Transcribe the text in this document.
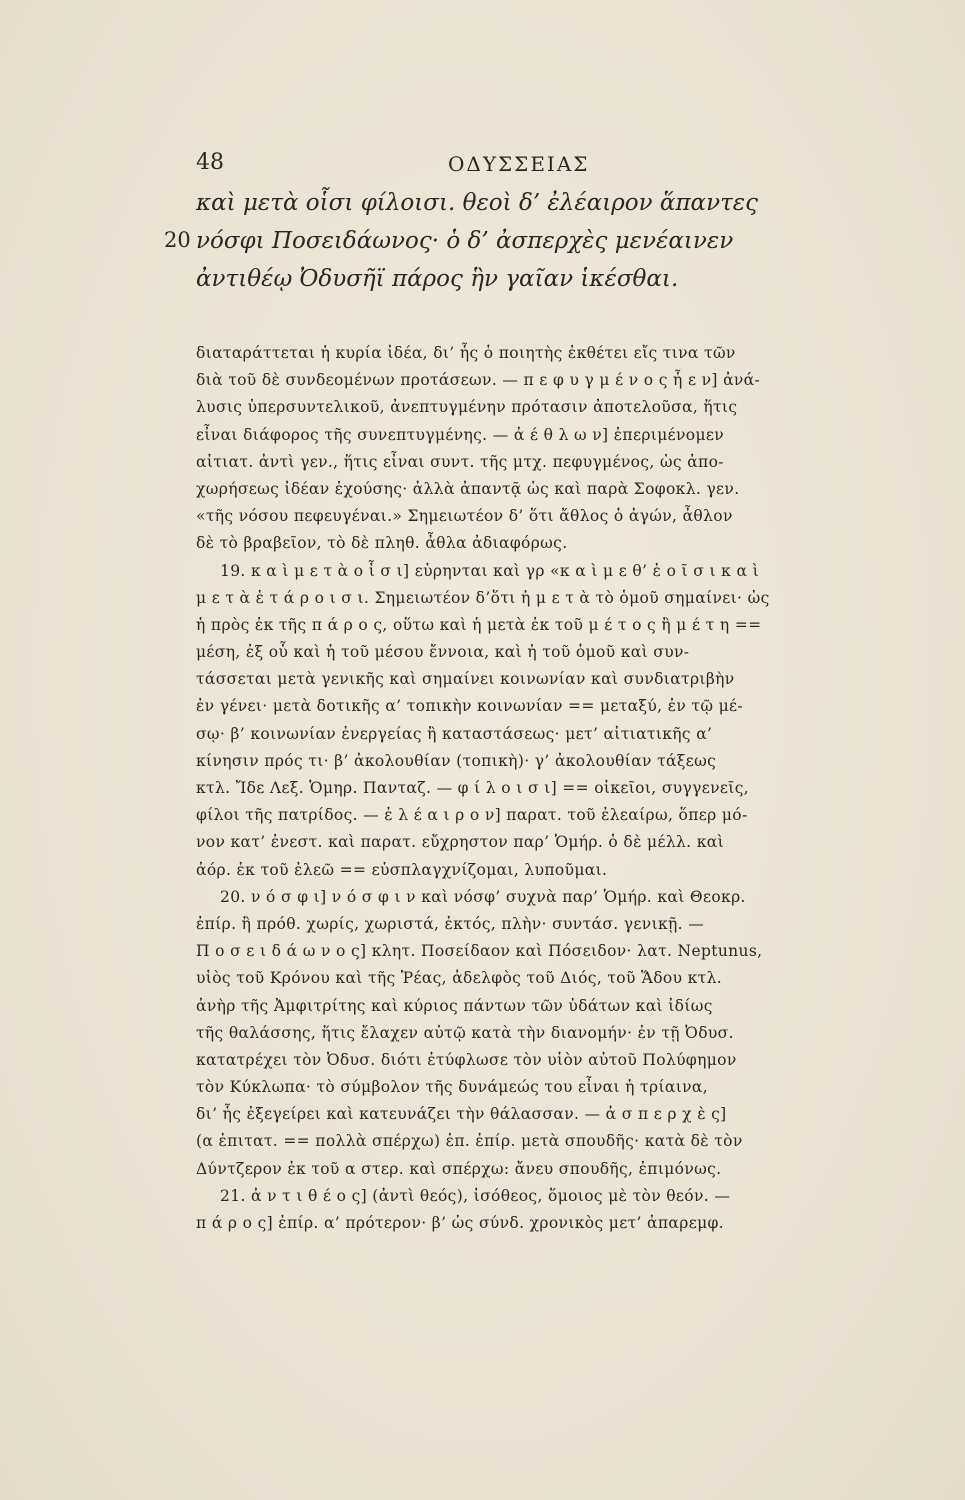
48	ΟΔΥΣΣΕΙΑΣ
καὶ μετὰ οἷσι φίλοισι. θεοὶ δ’ ἐλέαιρον ἅπαντες
20 νόσφι Ποσειδάωνος· ὁ δ’ ἀσπερχὲς μενέαινεν
ἀντιθέῳ Ὀδυσῆϊ πάρος ἣν γαῖαν ἱκέσθαι.
διαταράττεται ἡ κυρία ἰδέα, δι’ ἧς ὁ ποιητὴς ἐκθέτει εἴς τινα τῶν
διὰ τοῦ δὲ συνδεομένων προτάσεων. — π ε φ υ γ μ έ ν ο ς ἦ ε ν] ἀνά-
λυσις ὑπερσυντελικοῦ, ἀνεπτυγμένην πρότασιν ἀποτελοῦσα, ἥτις
εἶναι διάφορος τῆς συνεπτυγμένης. — ἀ έ θ λ ω ν] ἐπεριμένομεν
αἰτιατ. ἀντὶ γεν., ἥτις εἶναι συντ. τῆς μτχ. πεφυγμένος, ὡς ἀπο-
χωρήσεως ἰδέαν ἐχούσης· ἀλλὰ ἀπαντᾷ ὡς καὶ παρὰ Σοφοκλ. γεν.
«τῆς νόσου πεφευγέναι.» Σημειωτέον δ’ ὅτι ἄθλος ὁ ἀγών, ἆθλον
δὲ τὸ βραβεῖον, τὸ δὲ πληθ. ἆθλα ἀδιαφόρως.
19. κ α ὶ μ ε τ ὰ ο ἷ σ ι] εὑρηνται καὶ γρ «κ α ὶ μ ε θ’ ἑ ο ῖ σ ι κ α ὶ
μ ε τ ὰ ἑ τ ά ρ ο ι σ ι. Σημειωτέον δ’ὅτι ἡ μ ε τ ὰ τὸ ὁμοῦ σημαίνει· ὡς
ἡ πρὸς ἐκ τῆς π ά ρ ο ς, οὕτω καὶ ἡ μετὰ ἐκ τοῦ μ έ τ ο ς ἢ μ έ τ η ==
μέση, ἐξ οὗ καὶ ἡ τοῦ μέσου ἔννοια, καὶ ἡ τοῦ ὁμοῦ καὶ συν-
τάσσεται μετὰ γενικῆς καὶ σημαίνει κοινωνίαν καὶ συνδιατριβὴν
ἐν γένει· μετὰ δοτικῆς α’ τοπικὴν κοινωνίαν == μεταξύ, ἐν τῷ μέ-
σῳ· β’ κοινωνίαν ἐνεργείας ἢ καταστάσεως· μετ’ αἰτιατικῆς α’
κίνησιν πρός τι· β’ ἀκολουθίαν (τοπικὴ)· γ’ ἀκολουθίαν τάξεως
κτλ. Ἴδε Λεξ. Ὁμηρ. Πανταζ. — φ ί λ ο ι σ ι] == οἰκεῖοι, συγγενεῖς,
φίλοι τῆς πατρίδος. — ἐ λ έ α ι ρ ο ν] παρατ. τοῦ ἐλεαίρω, ὅπερ μό-
νον κατ’ ἐνεστ. καὶ παρατ. εὔχρηστον παρ’ Ὁμήρ. ὁ δὲ μέλλ. καὶ
ἀόρ. ἐκ τοῦ ἐλεῶ == εὐσπλαγχνίζομαι, λυποῦμαι.
20. ν ό σ φ ι] ν ό σ φ ι ν καὶ νόσφ’ συχνὰ παρ’ Ὁμήρ. καὶ Θεοκρ.
ἐπίρ. ἢ πρόθ. χωρίς, χωριστά, ἐκτός, πλὴν· συντάσ. γενικῇ. —
Π ο σ ε ι δ ά ω ν ο ς] κλητ. Ποσείδαον καὶ Πόσειδον· λατ. Neptunus,
υἱὸς τοῦ Κρόνου καὶ τῆς Ῥέας, ἀδελφὸς τοῦ Διός, τοῦ Ἅδου κτλ.
ἀνὴρ τῆς Ἀμφιτρίτης καὶ κύριος πάντων τῶν ὑδάτων καὶ ἰδίως
τῆς θαλάσσης, ἥτις ἔλαχεν αὐτῷ κατὰ τὴν διανομήν· ἐν τῇ Ὀδυσ.
κατατρέχει τὸν Ὀδυσ. διότι ἐτύφλωσε τὸν υἱὸν αὐτοῦ Πολύφημον
τὸν Κύκλωπα· τὸ σύμβολον τῆς δυνάμεώς του εἶναι ἡ τρίαινα,
δι’ ἧς ἐξεγείρει καὶ κατευνάζει τὴν θάλασσαν. — ἀ σ π ε ρ χ ὲ ς]
(α ἐπιτατ. == πολλὰ σπέρχω) ἐπ. ἐπίρ. μετὰ σπουδῆς· κατὰ δὲ τὸν
Δύντζερον ἐκ τοῦ α στερ. καὶ σπέρχω: ἄνευ σπουδῆς, ἐπιμόνως.
21. ἀ ν τ ι θ έ ο ς] (ἀντὶ θεός), ἰσόθεος, ὅμοιος μὲ τὸν θεόν. —
π ά ρ ο ς] ἐπίρ. α’ πρότερον· β’ ὡς σύνδ. χρονικὸς μετ’ ἀπαρεμφ.
